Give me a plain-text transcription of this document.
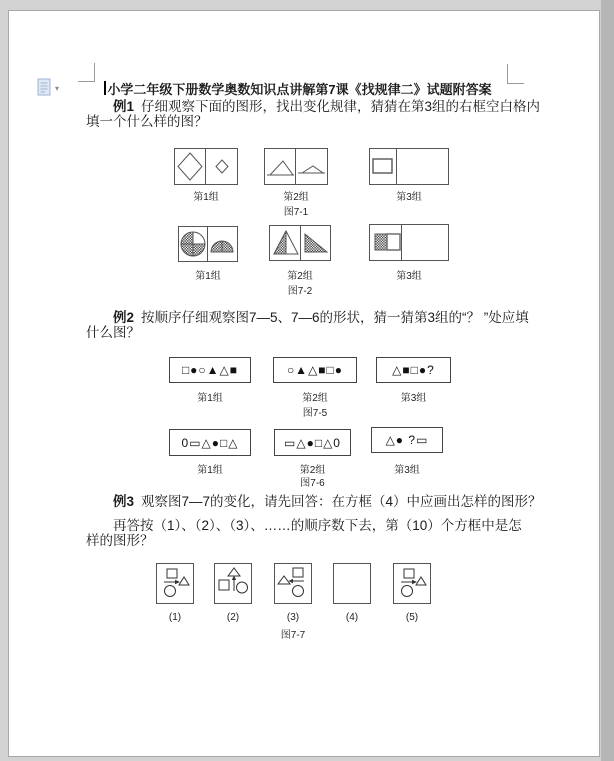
▾	小学二年级下册数学奥数知识点讲解第7课《找规律二》试题附答案
例1 仔细观察下面的图形，找出变化规律，猜猜在第3组的右框空白格内
填一个什么样的图？
第1组	第2组	第3组
图7-1
第1组	第2组	第3组
图7-2
例2 按顺序仔细观察图7—5、7—6的形状，猜一猜第3组的“？ ”处应填
什么图？
□●○▲△■	○▲△■□●	△■□●?
第1组	第2组	第3组
图7-5
0▭△●□△	▭△●□△0	△● ?▭
第1组	第2组	第3组
图7-6
例3 观察图7—7的变化，请先回答：在方框（4）中应画出怎样的图形？
再答按（1）、（2）、（3）、……的顺序数下去，第（10）个方框中是怎
样的图形？
(1)	(2)	(3)	(4)	(5)
图7-7
